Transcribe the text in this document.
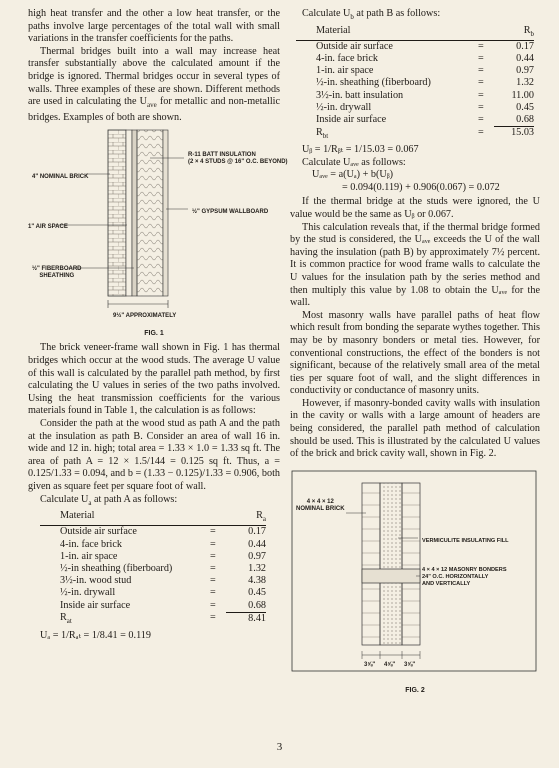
high heat transfer and the other a low heat transfer, or the paths involve large percentages of the total wall with small variations in the transfer coefficients for the paths.

Thermal bridges built into a wall may increase heat transfer substantially above the calculated amount if the bridge is ignored. Thermal bridges occur in several types of walls. Three examples of these are shown. Different methods are used in calculating the $U_{ave}$ for metallic and non-metallic bridges. Examples of both are shown.

4" NOMINAL BRICK
1" AIR SPACE
½" FIBERBOARD
SHEATHING
R-11 BATT INSULATION
(2 × 4 STUDS @ 16" O.C. BEYOND)
½" GYPSUM WALLBOARD
9½" APPROXIMATELY
FIG. 1

The brick veneer-frame wall shown in Fig. 1 has thermal bridges which occur at the wood studs. The average U value of this wall is calculated by the parallel path method, by first calculating the U values in series of the two paths involved. Using the heat transmission coefficients for the various materials found in Table 1, the calculation is as follows:

Consider the path at the wood stud as path A and the path at the insulation as path B. Consider an area of wall 16 in. wide and 12 in. high; total area = 1.33 × 1.0 = 1.33 sq ft. The area of path A = 12 × 1.5/144 = 0.125 sq ft. Thus, a = 0.125/1.33 = 0.094, and b = (1.33 − 0.125)/1.33 = 0.906, both given as square feet per square foot of wall.

Calculate $U_a$ at path A as follows:

Material		$R_a$
Outside air surface	=	0.17
4-in. face brick	=	0.44
1-in. air space	=	0.97
½-in sheathing (fiberboard)	=	1.32
3½-in. wood stud	=	4.38
½-in. drywall	=	0.45
Inside air surface	=	0.68
$R_{at}$	=	8.41

Uₐ = 1/Rₐₜ = 1/8.41 = 0.119

Calculate $U_b$ at path B as follows:

Material		$R_b$
Outside air surface	=	0.17
4-in. face brick	=	0.44
1-in. air space	=	0.97
½-in. sheathing (fiberboard)	=	1.32
3½-in. batt insulation	=	11.00
½-in. drywall	=	0.45
Inside air surface	=	0.68
$R_{bt}$	=	15.03

Uᵦ = 1/Rᵦₜ = 1/15.03 = 0.067

Calculate Uₐᵥₑ as follows:

Uₐᵥₑ = a(Uₐ) + b(Uᵦ)

= 0.094(0.119) + 0.906(0.067) = 0.072

If the thermal bridge at the studs were ignored, the U value would be the same as Uᵦ or 0.067.

This calculation reveals that, if the thermal bridge formed by the stud is considered, the Uₐᵥₑ exceeds the U of the wall having the insulation (path B) by approximately 7½ percent. It is common practice for wood frame walls to calculate the U values for the insulation path by the series method and then multiply this value by 1.08 to obtain the Uₐᵥₑ for the wall.

Most masonry walls have parallel paths of heat flow which result from bonding the separate wythes together. This may be by masonry bonders or metal ties. However, for conventional constructions, the effect of the bonders is not significant, because of the relatively small area of the metal ties per square foot of wall, and the slight differences in conductivity or conductance of masonry units.

However, if masonry-bonded cavity walls with insulation in the cavity or walls with a large amount of headers are being considered, the parallel path method of calculation should be used. This is illustrated by the calculated U values of the brick and brick cavity wall, shown in Fig. 2.

4 × 4 × 12
NOMINAL BRICK
VERMICULITE INSULATING FILL
4 × 4 × 12 MASONRY BONDERS
24" O.C. HORIZONTALLY
AND VERTICALLY
3⅝" 4⅝" 3⅝"
FIG. 2
3
